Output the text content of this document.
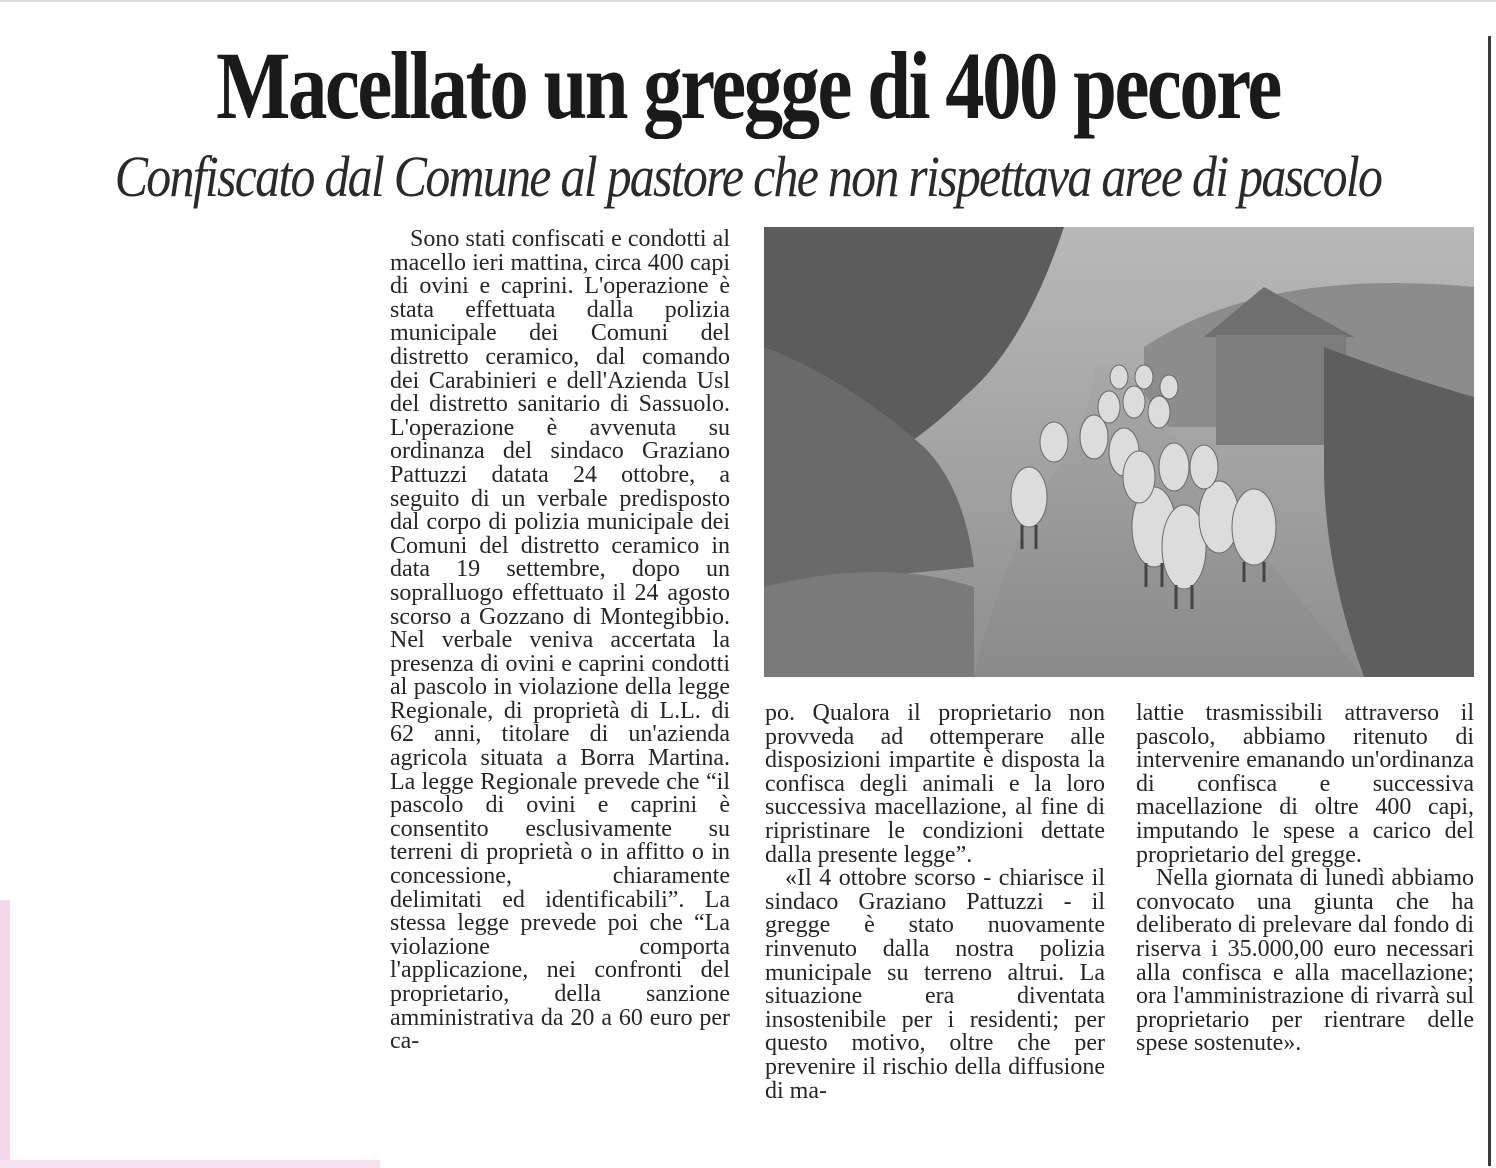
Macellato un gregge di 400 pecore
Confiscato dal Comune al pastore che non rispettava aree di pascolo

Sono stati confiscati e condotti al macello ieri mattina, circa 400 capi di ovini e caprini. L'operazione è stata effettuata dalla polizia municipale dei Comuni del distretto ceramico, dal comando dei Carabinieri e dell'Azienda Usl del distretto sanitario di Sassuolo. L'operazione è avvenuta su ordinanza del sindaco Graziano Pattuzzi datata 24 ottobre, a seguito di un verbale predisposto dal corpo di polizia municipale dei Comuni del distretto ceramico in data 19 settembre, dopo un sopralluogo effettuato il 24 agosto scorso a Gozzano di Montegibbio. Nel verbale veniva accertata la presenza di ovini e caprini condotti al pascolo in violazione della legge Regionale, di proprietà di L.L. di 62 anni, titolare di un'azienda agricola situata a Borra Martina. La legge Regionale prevede che “il pascolo di ovini e caprini è consentito esclusivamente su terreni di proprietà o in affitto o in concessione, chiaramente delimitati ed identificabili”. La stessa legge prevede poi che “La violazione comporta l'applicazione, nei confronti del proprietario, della sanzione amministrativa da 20 a 60 euro per ca-

po. Qualora il proprietario non provveda ad ottemperare alle disposizioni impartite è disposta la confisca degli animali e la loro successiva macellazione, al fine di ripristinare le condizioni dettate dalla presente legge”.

«Il 4 ottobre scorso - chiarisce il sindaco Graziano Pattuzzi - il gregge è stato nuovamente rinvenuto dalla nostra polizia municipale su terreno altrui. La situazione era diventata insostenibile per i residenti; per questo motivo, oltre che per prevenire il rischio della diffusione di ma-

lattie trasmissibili attraverso il pascolo, abbiamo ritenuto di intervenire emanando un'ordinanza di confisca e successiva macellazione di oltre 400 capi, imputando le spese a carico del proprietario del gregge.

Nella giornata di lunedì abbiamo convocato una giunta che ha deliberato di prelevare dal fondo di riserva i 35.000,00 euro necessari alla confisca e alla macellazione; ora l'amministrazione di rivarrà sul proprietario per rientrare delle spese sostenute».
